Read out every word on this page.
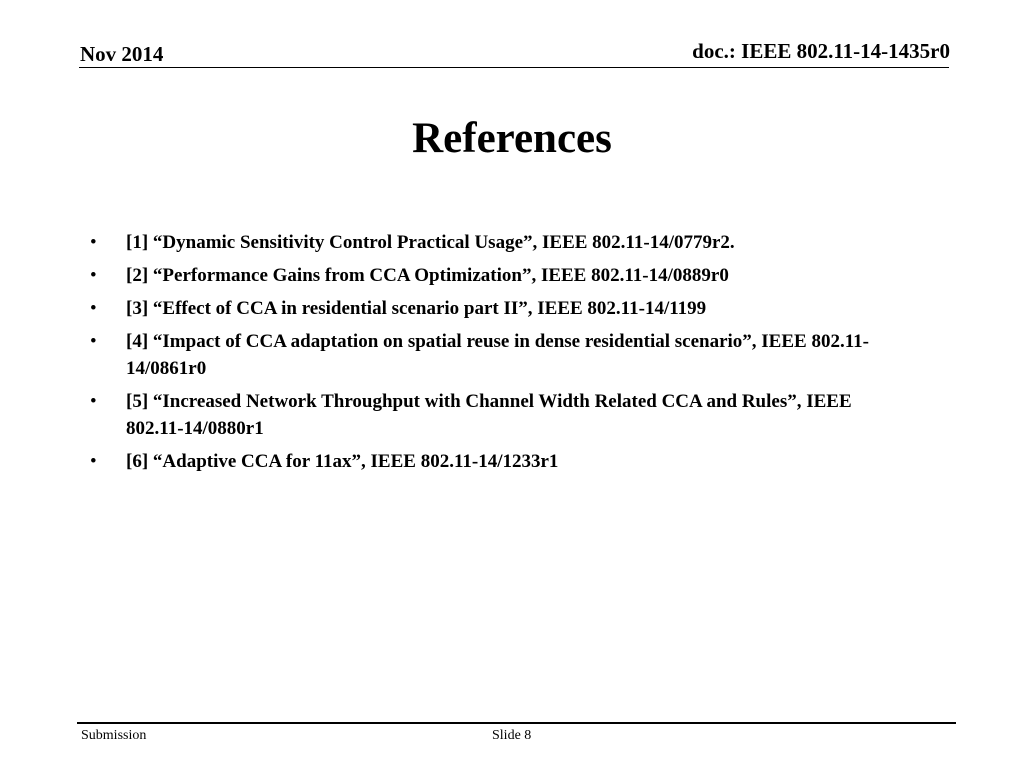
Nov 2014	doc.: IEEE 802.11-14-1435r0
References
• [1] “Dynamic Sensitivity Control Practical Usage”, IEEE 802.11-14/0779r2.
• [2] “Performance Gains from CCA Optimization”, IEEE 802.11-14/0889r0
• [3] “Effect of CCA in residential scenario part II”, IEEE 802.11-14/1199
• [4] “Impact of CCA adaptation on spatial reuse in dense residential scenario”, IEEE 802.11-14/0861r0
• [5] “Increased Network Throughput with Channel Width Related CCA and Rules”, IEEE 802.11-14/0880r1
• [6] “Adaptive CCA for 11ax”, IEEE 802.11-14/1233r1
Submission	Slide 8
